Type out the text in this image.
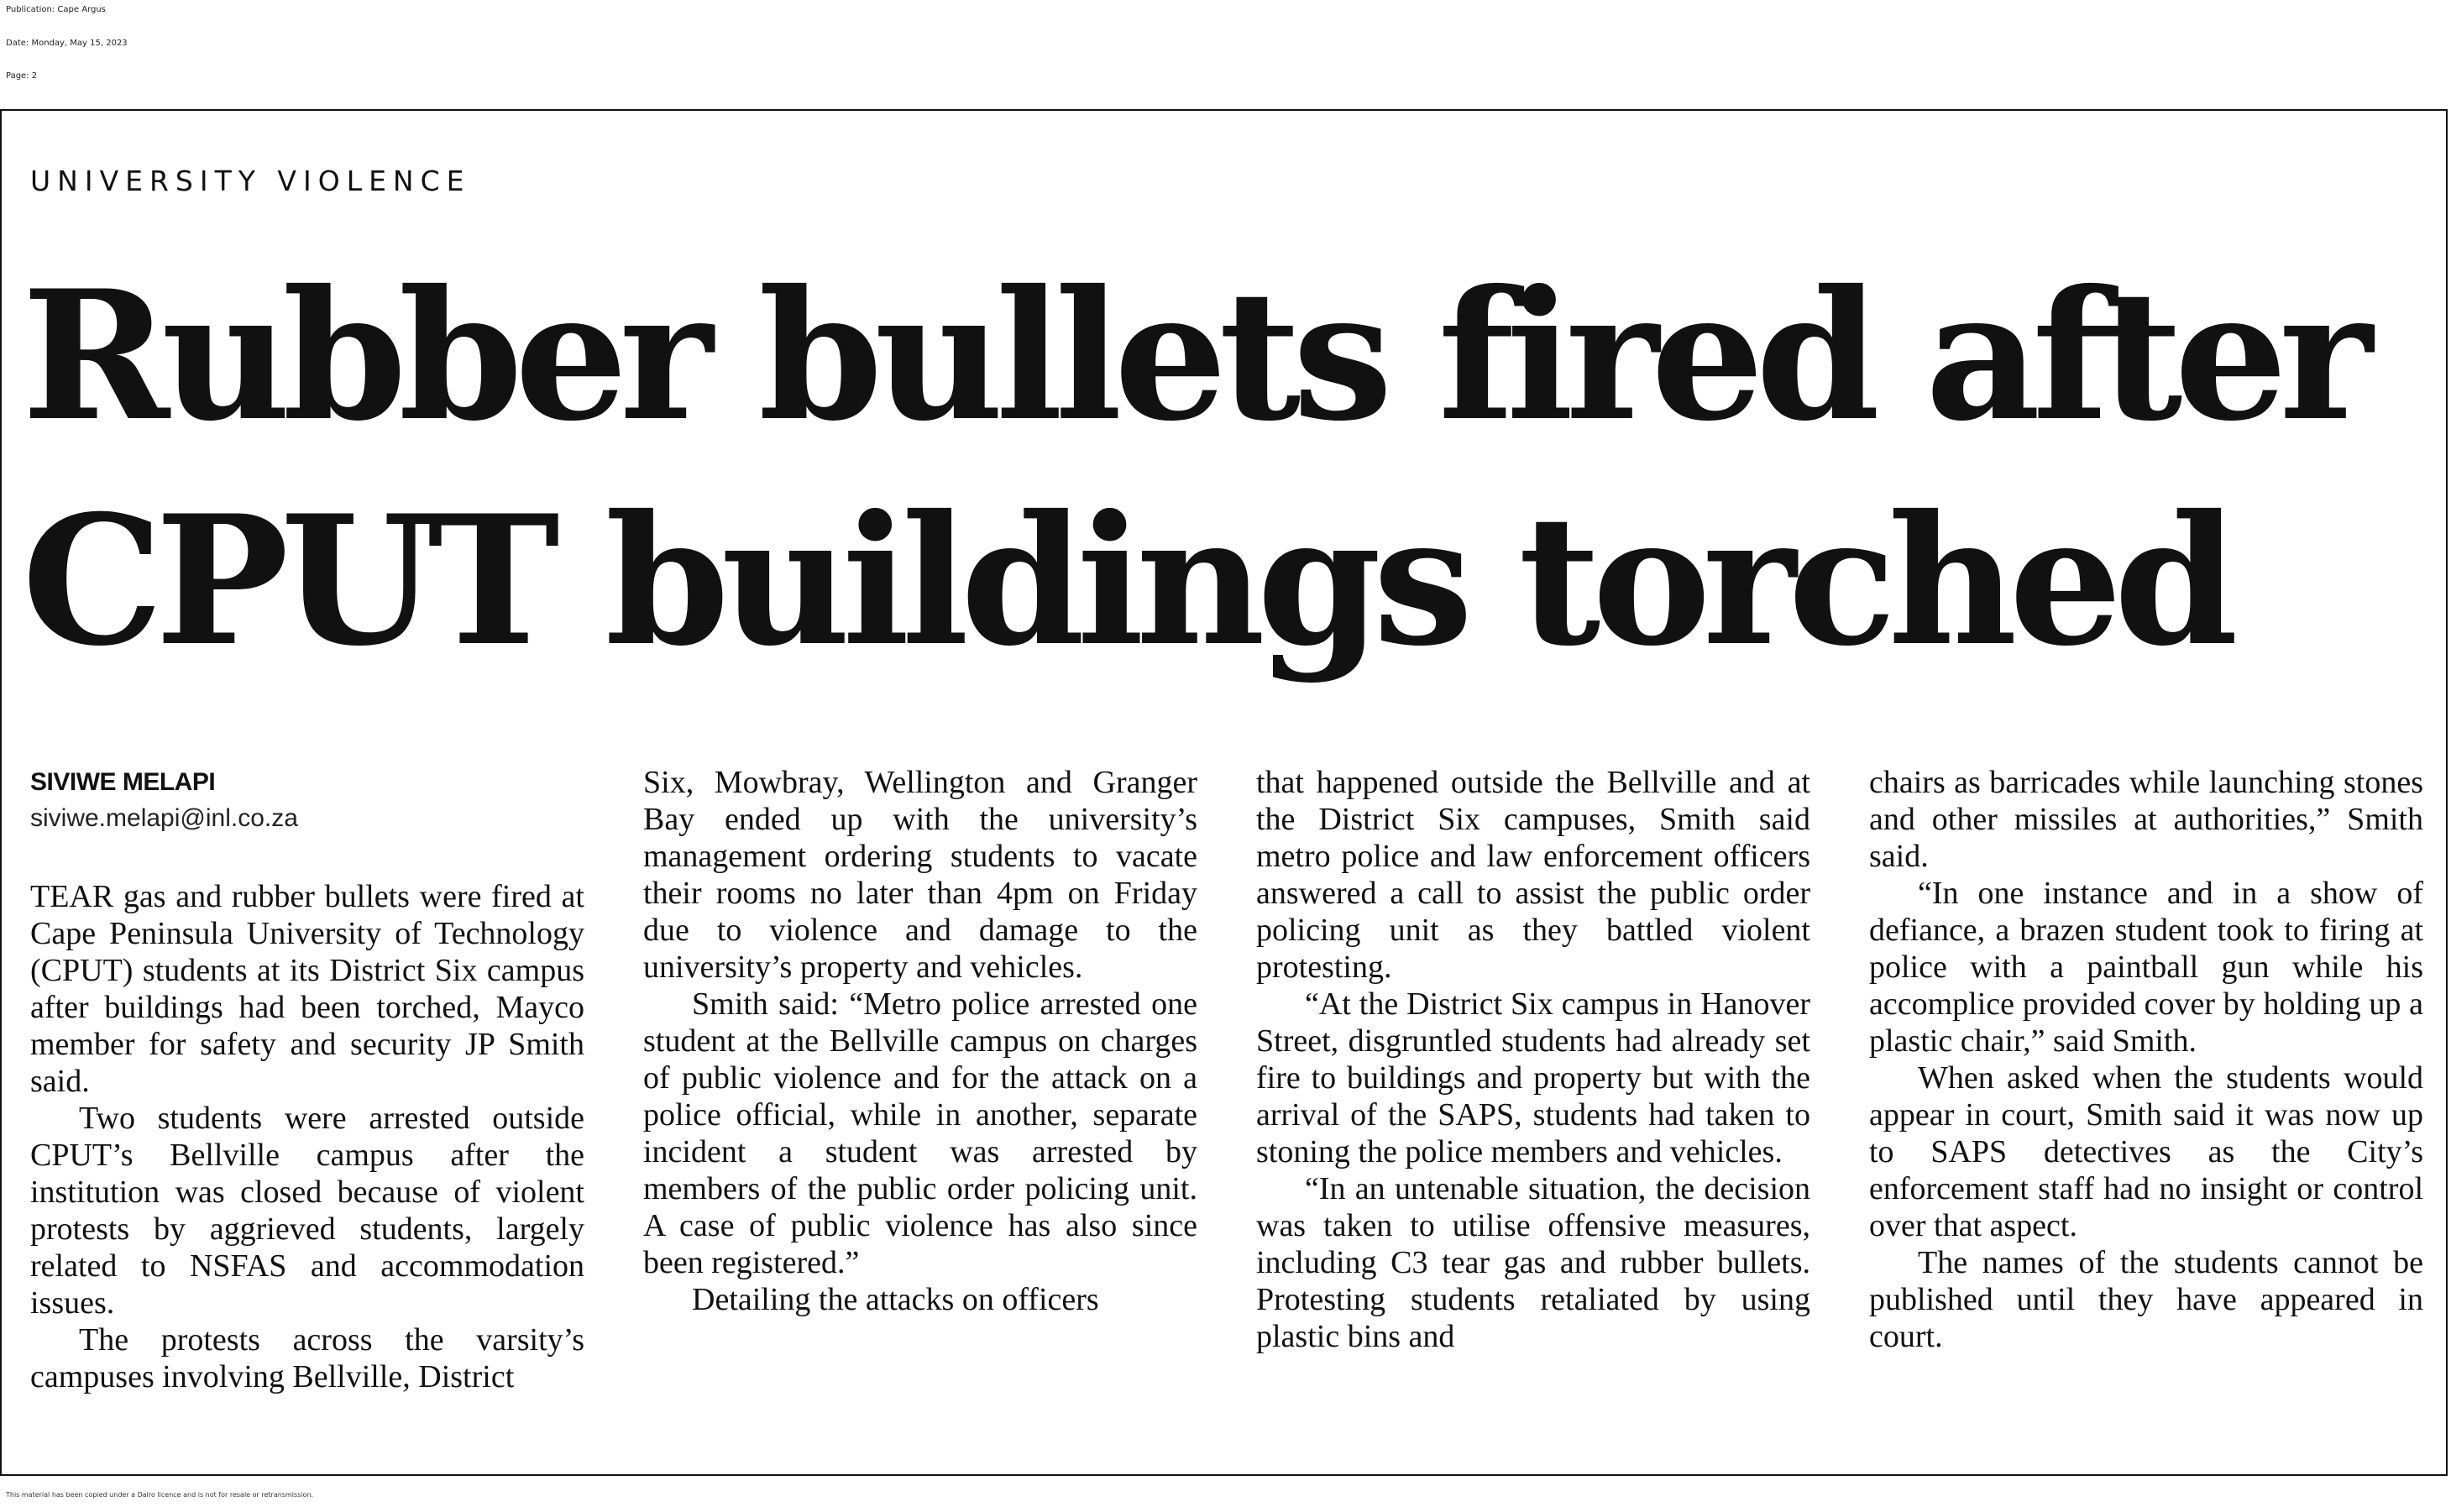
Publication: Cape Argus
Date: Monday, May 15, 2023
Page: 2
UNIVERSITY VIOLENCE
Rubber bullets fired after
CPUT buildings torched
SIVIWE MELAPI
siviwe.melapi@inl.co.za

TEAR gas and rubber bullets were fired at Cape Peninsula University of Technology (CPUT) students at its District Six campus after buildings had been torched, Mayco member for safety and security JP Smith said.

Two students were arrested outside CPUT’s Bellville campus after the institution was closed because of violent protests by aggrieved students, largely related to NSFAS and accommodation issues.

The protests across the varsity’s campuses involving Bellville, District

Six, Mowbray, Wellington and Granger Bay ended up with the university’s management ordering students to vacate their rooms no later than 4pm on Friday due to violence and damage to the university’s property and vehicles.

Smith said: “Metro police arrested one student at the Bellville campus on charges of public violence and for the attack on a police official, while in another, separate incident a student was arrested by members of the public order policing unit. A case of public violence has also since been registered.”

Detailing the attacks on officers

that happened outside the Bellville and at the District Six campuses, Smith said metro police and law enforcement officers answered a call to assist the public order policing unit as they battled violent protesting.

“At the District Six campus in Hanover Street, disgruntled students had already set fire to buildings and property but with the arrival of the SAPS, students had taken to stoning the police members and vehicles.

“In an untenable situation, the decision was taken to utilise offensive measures, including C3 tear gas and rubber bullets. Protesting students retaliated by using plastic bins and

chairs as barricades while launching stones and other missiles at authorities,” Smith said.

“In one instance and in a show of defiance, a brazen student took to firing at police with a paintball gun while his accomplice provided cover by holding up a plastic chair,” said Smith.

When asked when the students would appear in court, Smith said it was now up to SAPS detectives as the City’s enforcement staff had no insight or control over that aspect.

The names of the students cannot be published until they have appeared in court.

This material has been copied under a Dalro licence and is not for resale or retransmission.
